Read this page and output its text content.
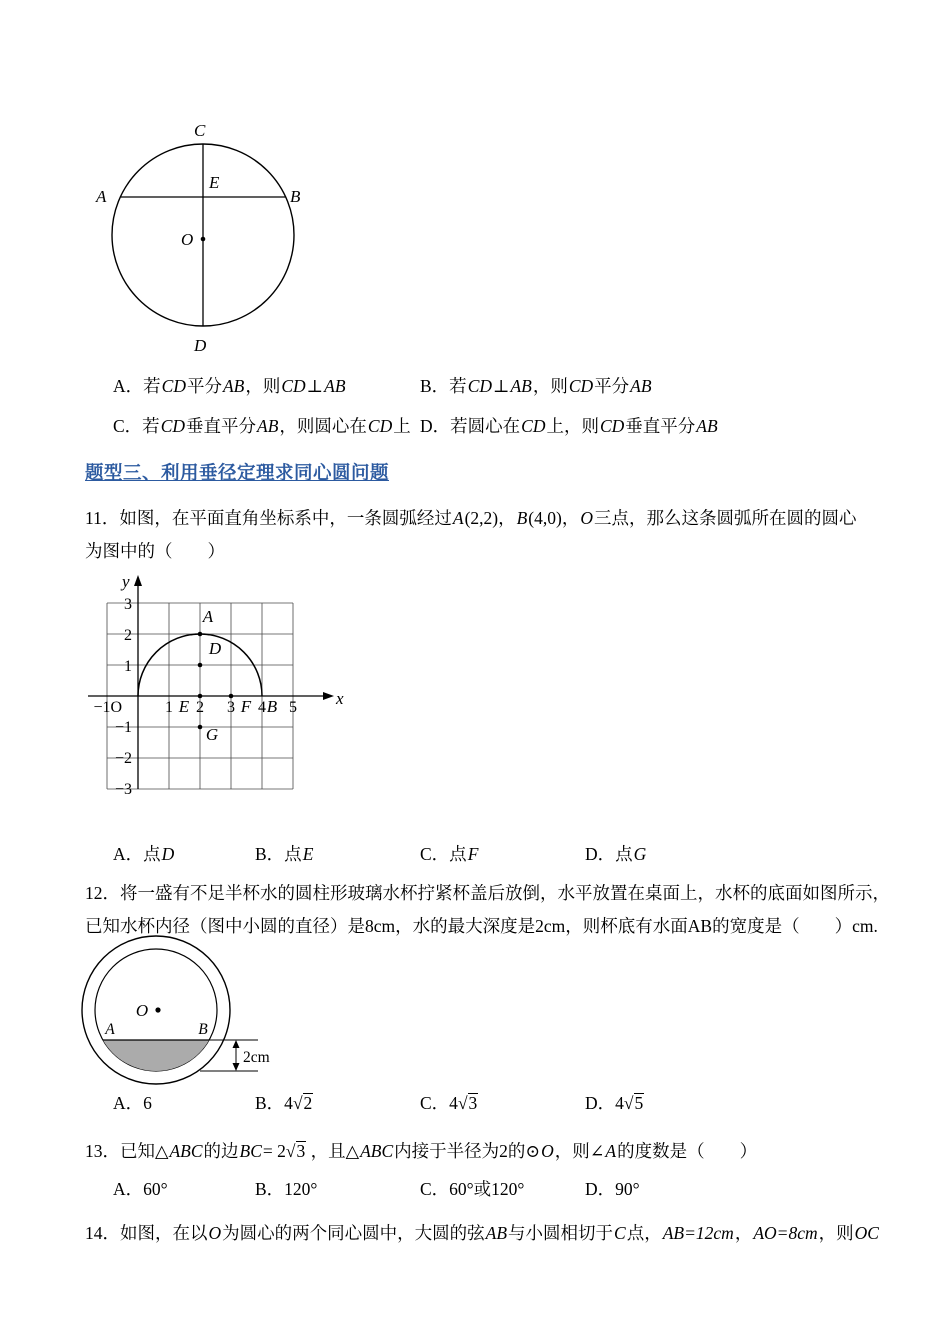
C
E
A	B
O
D
A．若CD平分AB，则CD⊥AB	B．若CD⊥AB，则CD平分AB
C．若CD垂直平分AB，则圆心在CD上 D．若圆心在CD上，则CD垂直平分AB
题型三、利用垂径定理求同心圆问题
11．如图，在平面直角坐标系中，一条圆弧经过A(2,2)，B(4,0)，O三点，那么这条圆弧所在圆的圆心
为图中的（　　）
y
x
O
3
2
1
−1
−2
−3
−1	1 2 3 4 5
A
D
E	F B
G
A．点D	B．点E	C．点F	D．点G
12．将一盛有不足半杯水的圆柱形玻璃水杯拧紧杯盖后放倒，水平放置在桌面上，水杯的底面如图所示，
已知水杯内径（图中小圆的直径）是8cm，水的最大深度是2cm，则杯底有水面AB的宽度是（　　）cm.
O
A	B
2cm
A．6	B．4√2	C．4√3	D．4√5
13．已知△ABC的边BC= 2√3 ，且△ABC内接于半径为2的⊙O，则∠A的度数是（　　）
A．60°	B．120°	C．60°或120°	D．90°
14．如图，在以O为圆心的两个同心圆中，大圆的弦AB与小圆相切于C点，AB=12cm，AO=8cm，则OC
